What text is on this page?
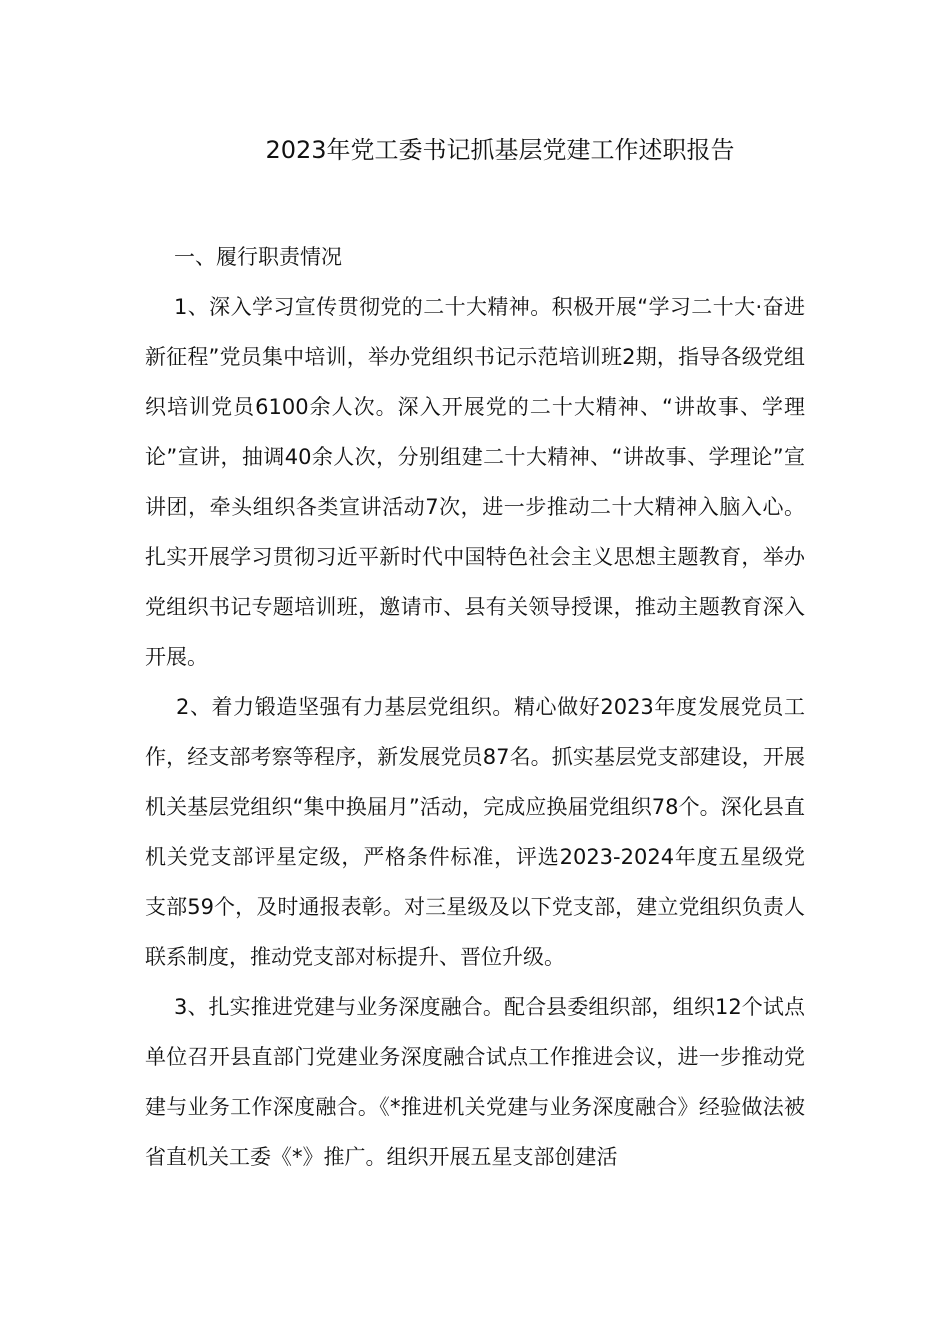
2023年党工委书记抓基层党建工作述职报告

一、履行职责情况

1、深入学习宣传贯彻党的二十大精神。积极开展“学习二十大·奋进新征程”党员集中培训，举办党组织书记示范培训班2期，指导各级党组织培训党员6100余人次。深入开展党的二十大精神、“讲故事、学理论”宣讲，抽调40余人次，分别组建二十大精神、“讲故事、学理论”宣讲团，牵头组织各类宣讲活动7次，进一步推动二十大精神入脑入心。扎实开展学习贯彻习近平新时代中国特色社会主义思想主题教育，举办党组织书记专题培训班，邀请市、县有关领导授课，推动主题教育深入开展。

2、着力锻造坚强有力基层党组织。精心做好2023年度发展党员工作，经支部考察等程序，新发展党员87名。抓实基层党支部建设，开展机关基层党组织“集中换届月”活动，完成应换届党组织78个。深化县直机关党支部评星定级，严格条件标准，评选2023-2024年度五星级党支部59个，及时通报表彰。对三星级及以下党支部，建立党组织负责人联系制度，推动党支部对标提升、晋位升级。

3、扎实推进党建与业务深度融合。配合县委组织部，组织12个试点单位召开县直部门党建业务深度融合试点工作推进会议，进一步推动党建与业务工作深度融合。《*推进机关党建与业务深度融合》经验做法被省直机关工委《*》推广。组织开展五星支部创建活
